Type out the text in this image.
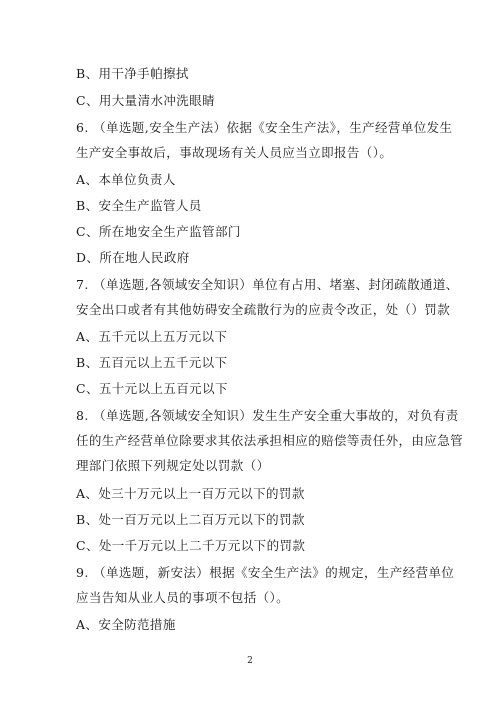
B、用干净手帕擦拭
C、用大量清水冲洗眼睛
6. （单选题,安全生产法）依据《安全生产法》，生产经营单位发生
生产安全事故后，事故现场有关人员应当立即报告（）。
A、本单位负责人
B、安全生产监管人员
C、所在地安全生产监管部门
D、所在地人民政府
7. （单选题,各领域安全知识）单位有占用、堵塞、封闭疏散通道、
安全出口或者有其他妨碍安全疏散行为的应责令改正，处（）罚款
A、五千元以上五万元以下
B、五百元以上五千元以下
C、五十元以上五百元以下
8. （单选题,各领域安全知识）发生生产安全重大事故的，对负有责
任的生产经营单位除要求其依法承担相应的赔偿等责任外，由应急管
理部门依照下列规定处以罚款（）
A、处三十万元以上一百万元以下的罚款
B、处一百万元以上二百万元以下的罚款
C、处一千万元以上二千万元以下的罚款
9. （单选题，新安法）根据《安全生产法》的规定，生产经营单位
应当告知从业人员的事项不包括（）。
A、安全防范措施
2
